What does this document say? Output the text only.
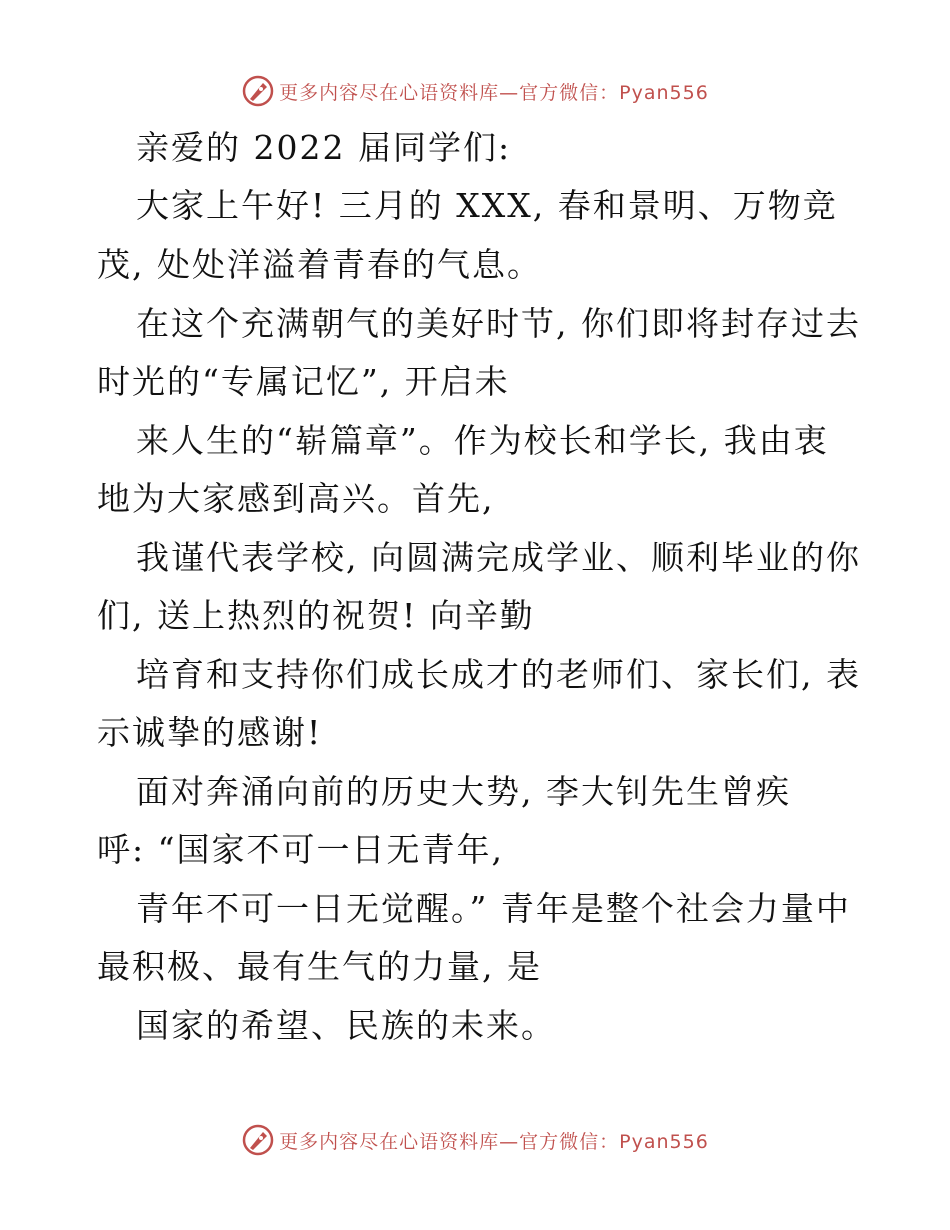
更多内容尽在心语资料库—官方微信：Pyan556
亲爱的 2022 届同学们:
大家上午好! 三月的 XXX, 春和景明、万物竞
茂, 处处洋溢着青春的气息。
在这个充满朝气的美好时节, 你们即将封存过去
时光的“专属记忆”, 开启未
来人生的“崭篇章”。作为校长和学长, 我由衷
地为大家感到高兴。首先,
我谨代表学校, 向圆满完成学业、顺利毕业的你
们, 送上热烈的祝贺! 向辛勤
培育和支持你们成长成才的老师们、家长们, 表
示诚挚的感谢!
面对奔涌向前的历史大势, 李大钊先生曾疾
呼: “国家不可一日无青年,
青年不可一日无觉醒。” 青年是整个社会力量中
最积极、最有生气的力量, 是
国家的希望、民族的未来。
更多内容尽在心语资料库—官方微信：Pyan556
